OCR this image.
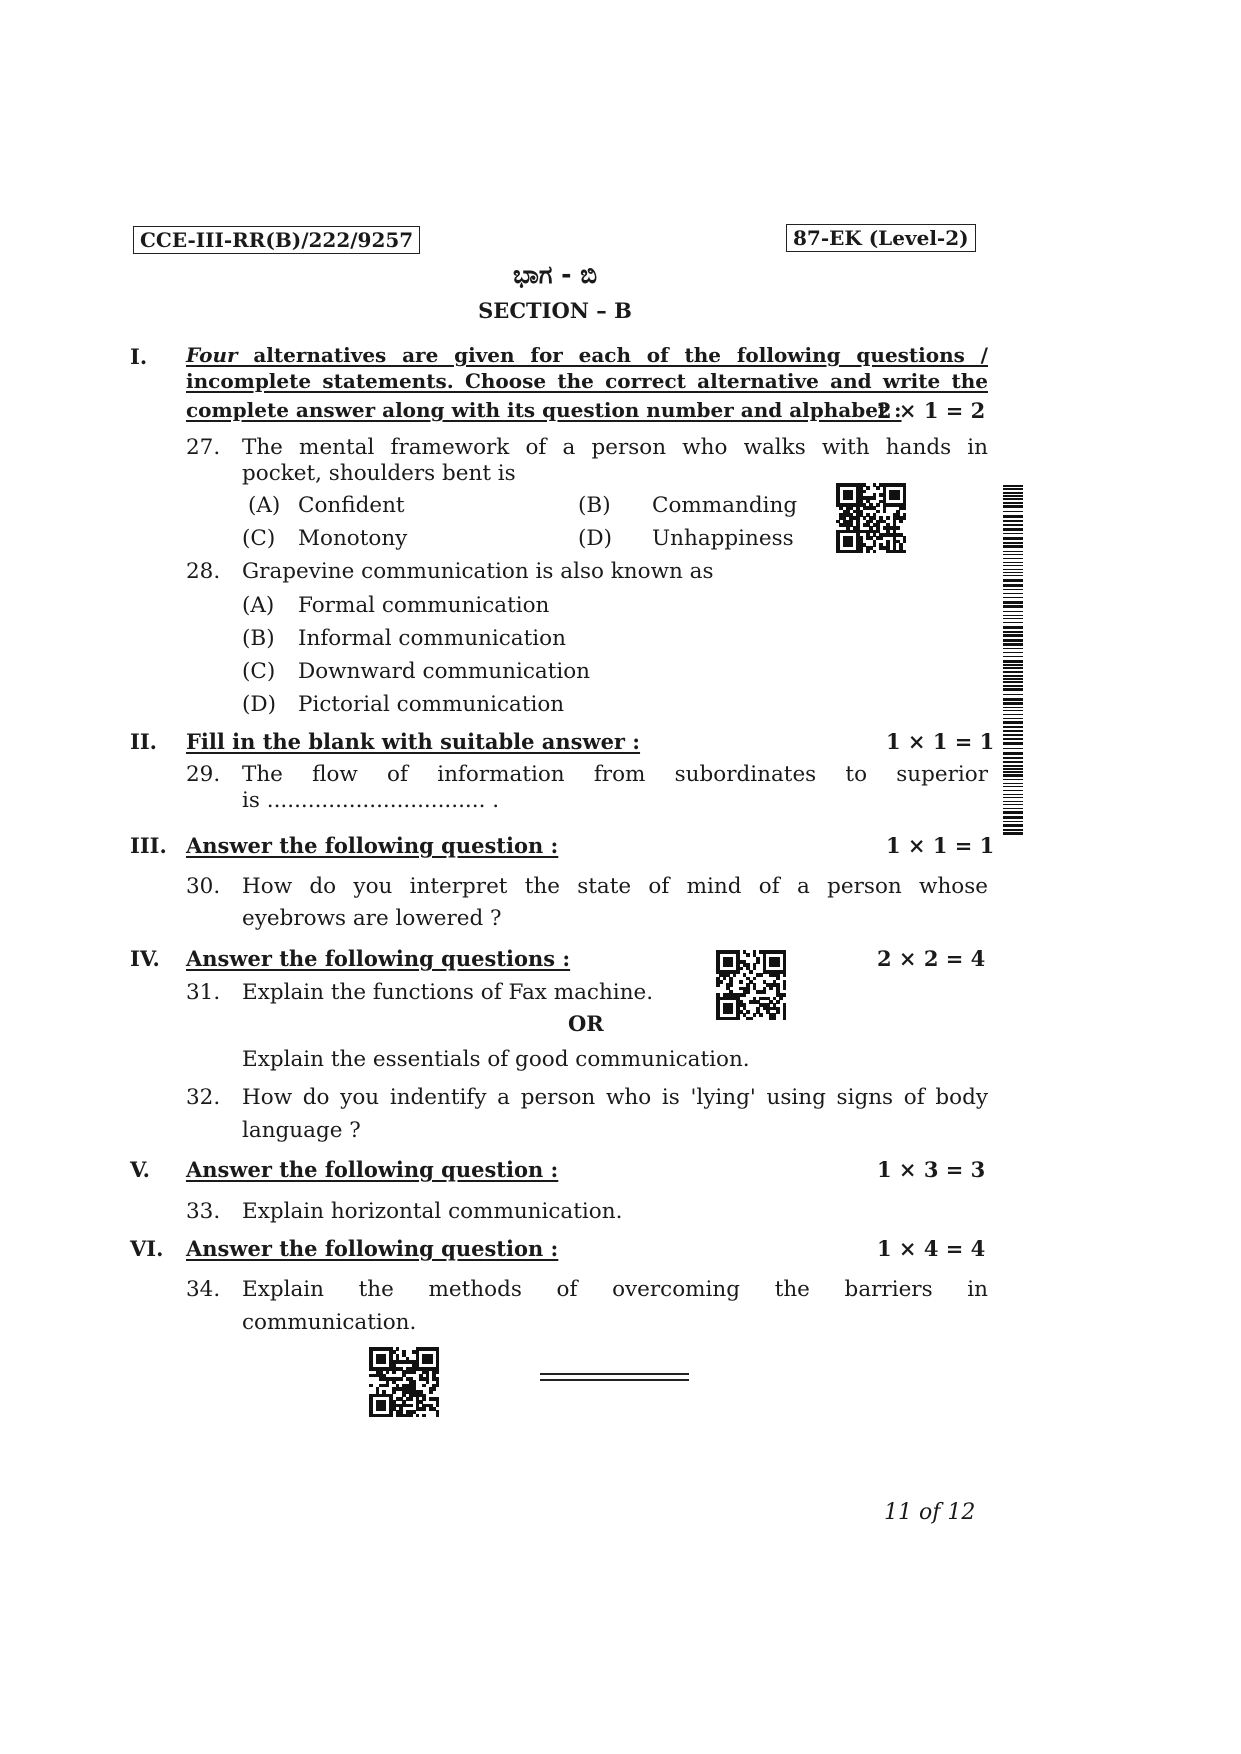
CCE-III-RR(B)/222/9257	87-EK (Level-2)
ಭಾಗ - ಬಿ
SECTION – B
I. Four alternatives are given for each of the following questions /
incomplete statements. Choose the correct alternative and write the
complete answer along with its question number and alphabet :
2 × 1 = 2
27. The mental framework of a person who walks with hands in
pocket, shoulders bent is
(A) Confident	(B) Commanding
(C) Monotony	(D) Unhappiness
28. Grapevine communication is also known as
(A) Formal communication
(B) Informal communication
(C) Downward communication
(D) Pictorial communication
II. Fill in the blank with suitable answer :	1 × 1 = 1
29. The flow of information from subordinates to superior
is ................................ .
III. Answer the following question :	1 × 1 = 1
30. How do you interpret the state of mind of a person whose
eyebrows are lowered ?
IV. Answer the following questions :	2 × 2 = 4
31. Explain the functions of Fax machine.
OR
Explain the essentials of good communication.
32. How do you indentify a person who is 'lying' using signs of body
language ?
V. Answer the following question :	1 × 3 = 3
33. Explain horizontal communication.
VI. Answer the following question :	1 × 4 = 4
34. Explain the methods of overcoming the barriers in
communication.
11 of 12
